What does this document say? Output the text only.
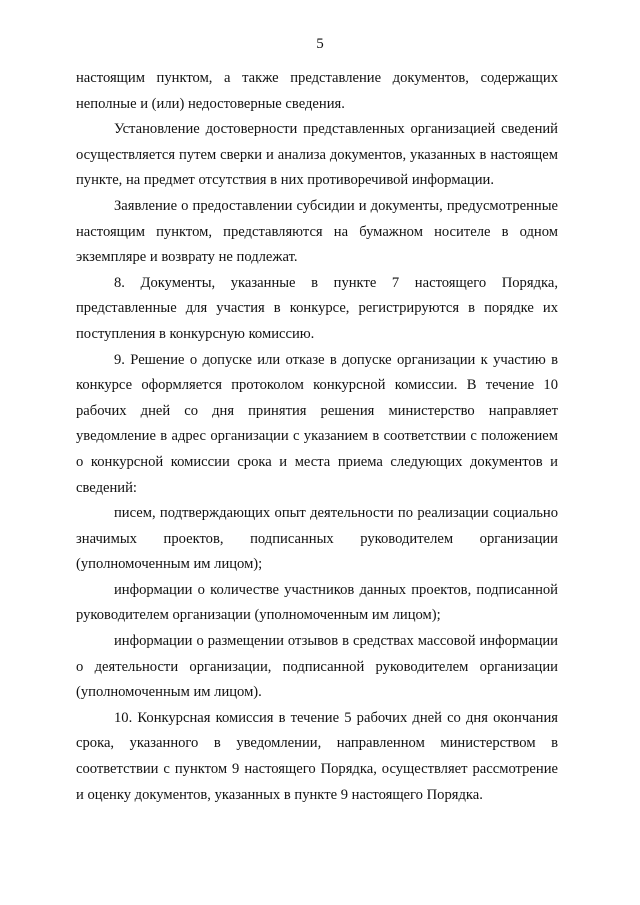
5

настоящим пунктом, а также представление документов, содержащих неполные и (или) недостоверные сведения.

Установление достоверности представленных организацией сведений осуществляется путем сверки и анализа документов, указанных в настоящем пункте, на предмет отсутствия в них противоречивой информации.

Заявление о предоставлении субсидии и документы, предусмотренные настоящим пунктом, представляются на бумажном носителе в одном экземпляре и возврату не подлежат.

8. Документы, указанные в пункте 7 настоящего Порядка, представленные для участия в конкурсе, регистрируются в порядке их поступления в конкурсную комиссию.

9. Решение о допуске или отказе в допуске организации к участию в конкурсе оформляется протоколом конкурсной комиссии. В течение 10 рабочих дней со дня принятия решения министерство направляет уведомление в адрес организации с указанием в соответствии с положением о конкурсной комиссии срока и места приема следующих документов и сведений:

писем, подтверждающих опыт деятельности по реализации социально значимых проектов, подписанных руководителем организации (уполномоченным им лицом);

информации о количестве участников данных проектов, подписанной руководителем организации (уполномоченным им лицом);

информации о размещении отзывов в средствах массовой информации о деятельности организации, подписанной руководителем организации (уполномоченным им лицом).

10. Конкурсная комиссия в течение 5 рабочих дней со дня окончания срока, указанного в уведомлении, направленном министерством в соответствии с пунктом 9 настоящего Порядка, осуществляет рассмотрение и оценку документов, указанных в пункте 9 настоящего Порядка.
